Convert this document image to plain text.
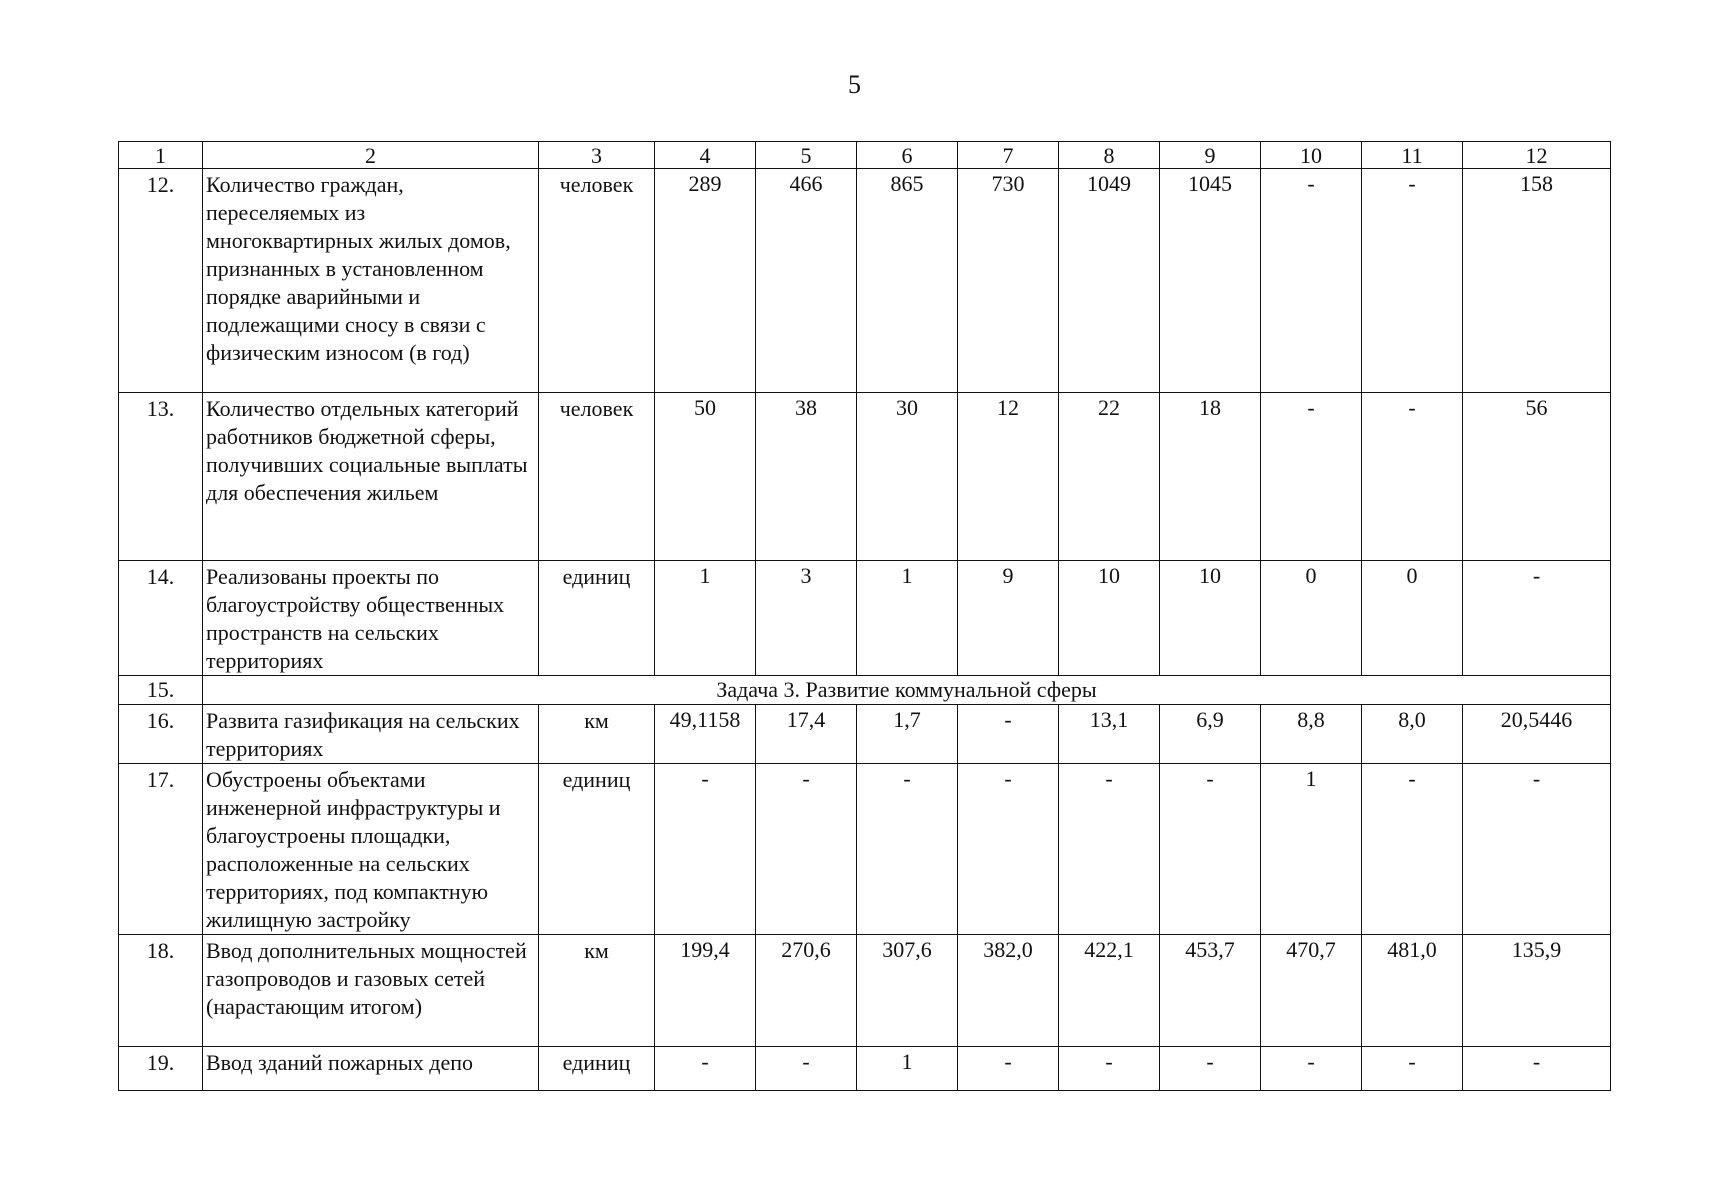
5
1	2	3	4	5	6	7	8	9	10	11	12
12.	Количество граждан, переселяемых из многоквартирных жилых домов, признанных в установленном порядке аварийными и подлежащими сносу в связи с физическим износом (в год)	человек	289	466	865	730	1049	1045	-	-	158
13.	Количество отдельных категорий работников бюджетной сферы, получивших социальные выплаты для обеспечения жильем	человек	50	38	30	12	22	18	-	-	56
14.	Реализованы проекты по благоустройству общественных пространств на сельских территориях	единиц	1	3	1	9	10	10	0	0	-
15.	Задача 3. Развитие коммунальной сферы										
16.	Развита газификация на сельских территориях	км	49,1158	17,4	1,7	-	13,1	6,9	8,8	8,0	20,5446
17.	Обустроены объектами инженерной инфраструктуры и благоустроены площадки, расположенные на сельских территориях, под компактную жилищную застройку	единиц	-	-	-	-	-	-	1	-	-
18.	Ввод дополнительных мощностей газопроводов и газовых сетей (нарастающим итогом)	км	199,4	270,6	307,6	382,0	422,1	453,7	470,7	481,0	135,9
19.	Ввод зданий пожарных депо	единиц	-	-	1	-	-	-	-	-	-
